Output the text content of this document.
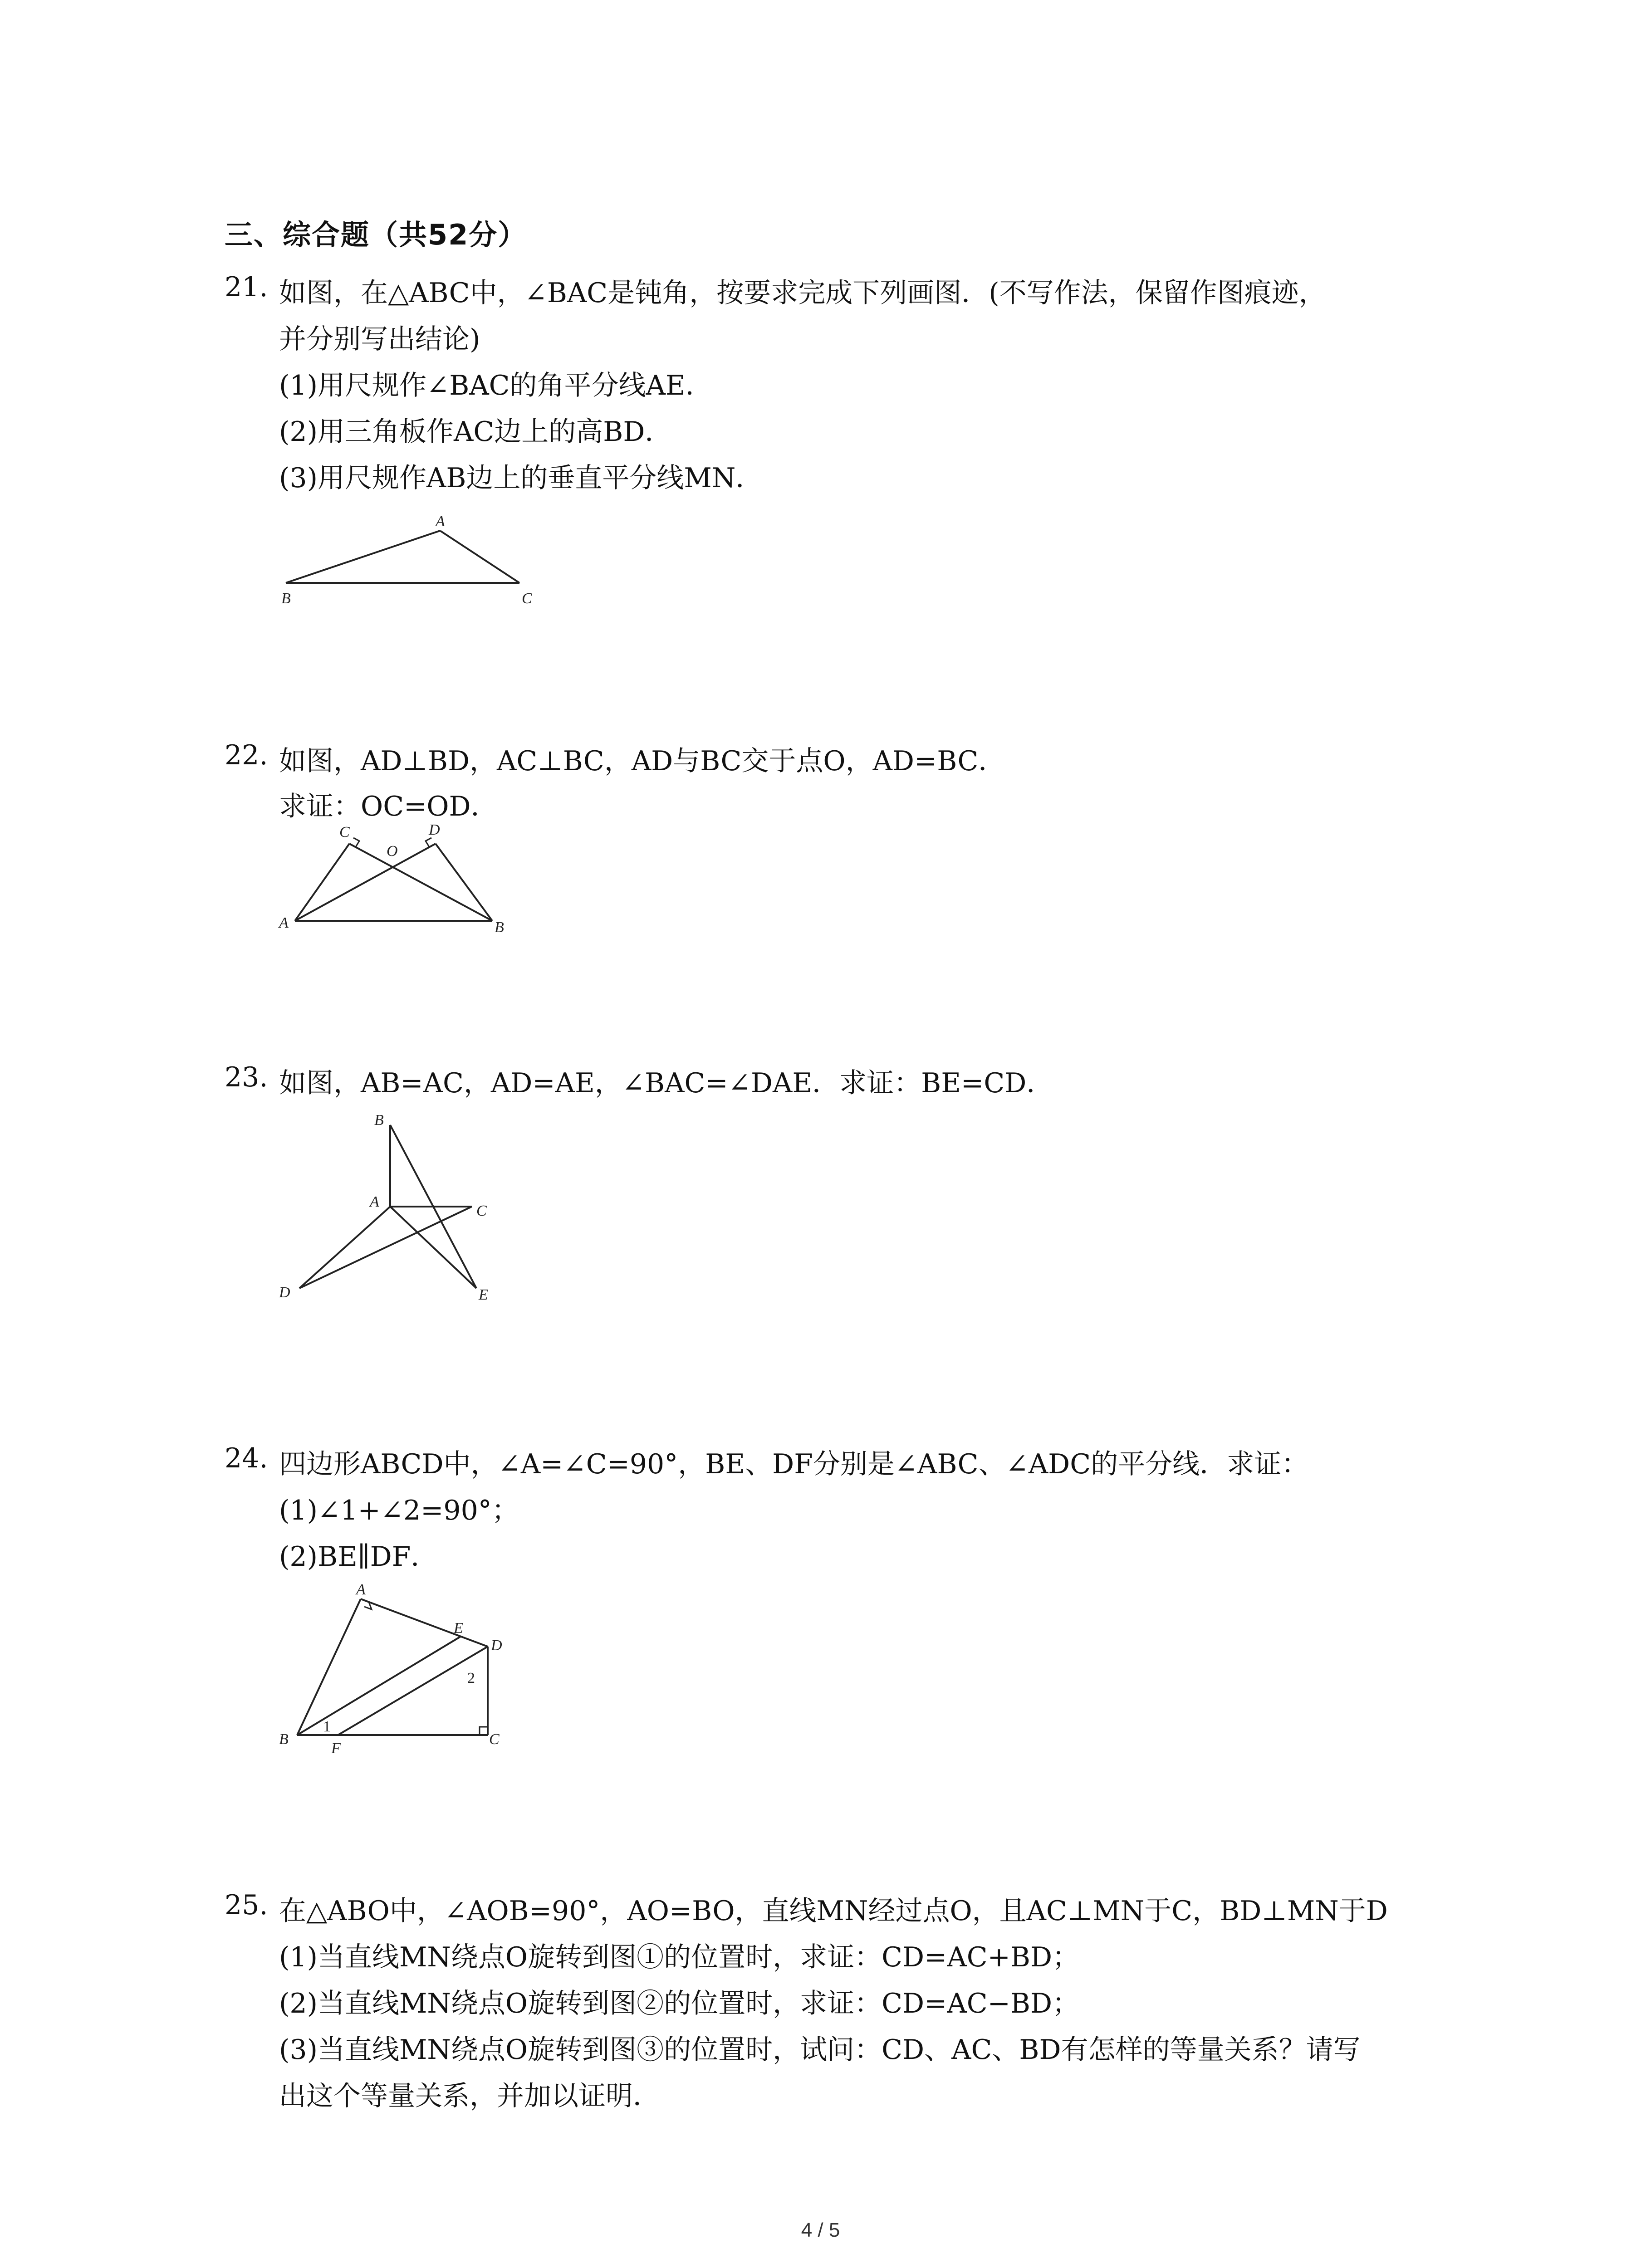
三、综合题（共52分）
21. 如图，在△ABC中，∠BAC是钝角，按要求完成下列画图．(不写作法，保留作图痕迹，
并分别写出结论)
(1)用尺规作∠BAC的角平分线AE．
(2)用三角板作AC边上的高BD．
(3)用尺规作AB边上的垂直平分线MN．
A
B	C
22. 如图，AD⊥BD，AC⊥BC，AD与BC交于点O，AD=BC．
求证：OC=OD．
C	D
O
A	B
23. 如图，AB=AC，AD=AE，∠BAC=∠DAE．求证：BE=CD．
B
A
C
D	E
24. 四边形ABCD中，∠A=∠C=90°，BE、DF分别是∠ABC、∠ADC的平分线．求证：
(1)∠1+∠2=90°；
(2)BE∥DF．
A
E
D
2
1
B
F
C
25. 在△ABO中，∠AOB=90°，AO=BO，直线MN经过点O，且AC⊥MN于C，BD⊥MN于D
(1)当直线MN绕点O旋转到图①的位置时，求证：CD=AC+BD；
(2)当直线MN绕点O旋转到图②的位置时，求证：CD=AC−BD；
(3)当直线MN绕点O旋转到图③的位置时，试问：CD、AC、BD有怎样的等量关系？请写
出这个等量关系，并加以证明．
4 / 5
